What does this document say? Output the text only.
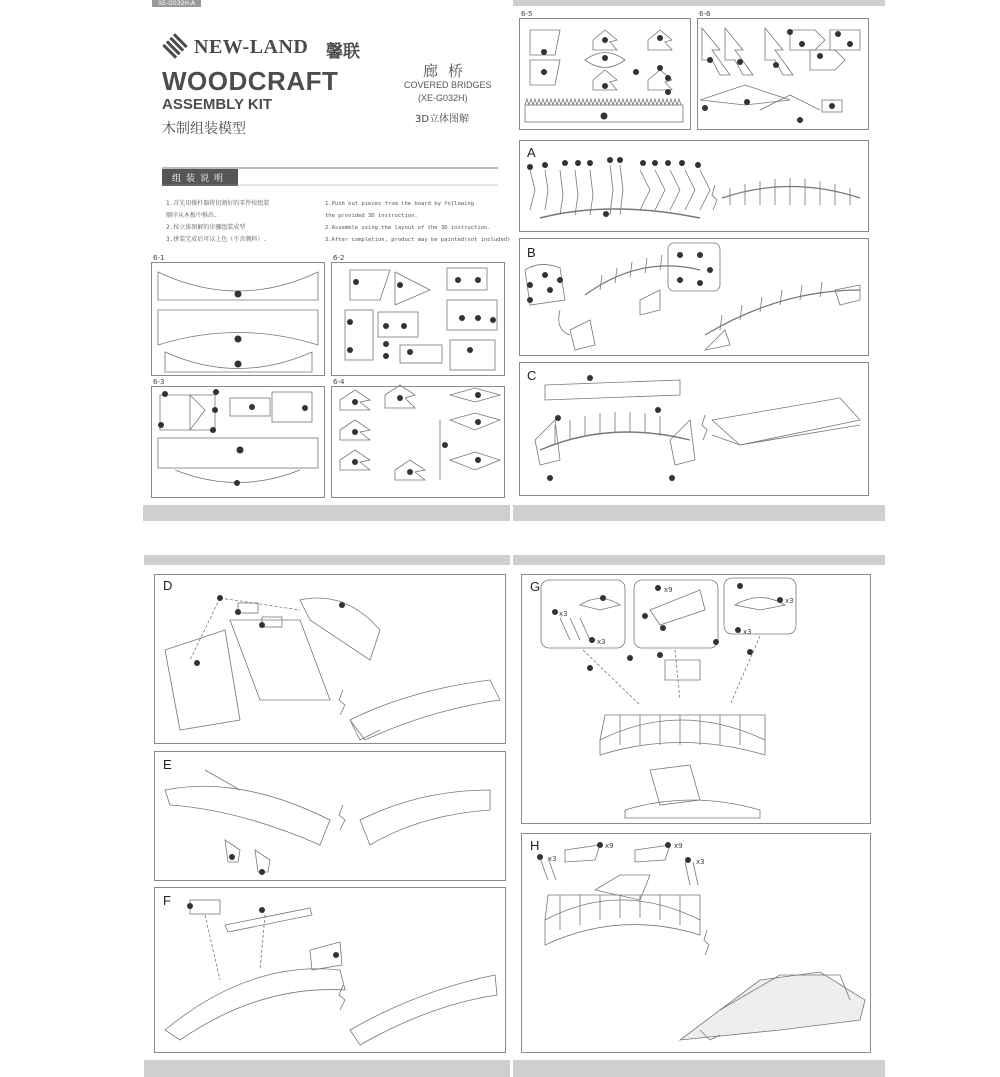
XE-G032H-A
NEW-LAND 馨联
WOODCRAFT
ASSEMBLY KIT
木制组装模型
廊桥
COVERED BRIDGES
(XE-G032H)
3D立体图解
组装说明
1.首先用推杆器将切割好的零件按组装
顺序从木板中推出.
2.按立体图解的步骤组装成型
3.拼装完成后可以上色（不含颜料）.
1.Push out pieces from the board by following
the provided 3D instruction.
2.Assemble using the layout of the 3D instruction.
3.After completion, product may be painted(not included)
6-1	6-2
6-3	6-4
6-5	6-6
A
B
C
D
E
F
G
H
x3
x3
x9
x3
x3
x3
x9	x9
x3
